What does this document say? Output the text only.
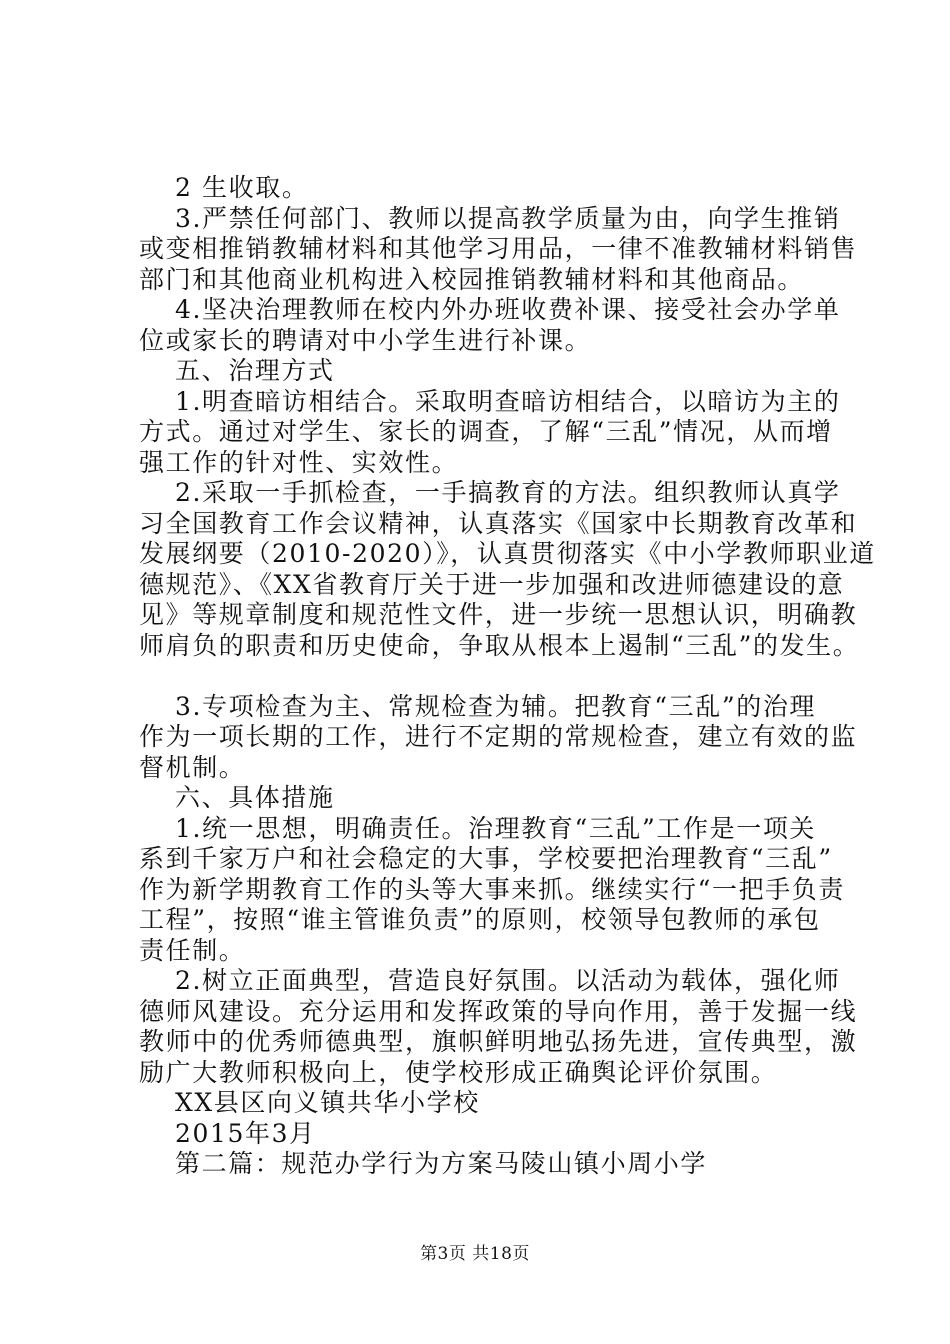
2 生收取。
3.严禁任何部门、教师以提高教学质量为由，向学生推销
或变相推销教辅材料和其他学习用品，一律不准教辅材料销售
部门和其他商业机构进入校园推销教辅材料和其他商品。
4.坚决治理教师在校内外办班收费补课、接受社会办学单
位或家长的聘请对中小学生进行补课。
五、治理方式
1.明查暗访相结合。采取明查暗访相结合，以暗访为主的
方式。通过对学生、家长的调查，了解“三乱”情况，从而增
强工作的针对性、实效性。
2.采取一手抓检查，一手搞教育的方法。组织教师认真学
习全国教育工作会议精神，认真落实《国家中长期教育改革和
发展纲要（2010-2020）》，认真贯彻落实《中小学教师职业道
德规范》、《XX省教育厅关于进一步加强和改进师德建设的意
见》等规章制度和规范性文件，进一步统一思想认识，明确教
师肩负的职责和历史使命，争取从根本上遏制“三乱”的发生。
3.专项检查为主、常规检查为辅。把教育“三乱”的治理
作为一项长期的工作，进行不定期的常规检查，建立有效的监
督机制。
六、具体措施
1.统一思想，明确责任。治理教育“三乱”工作是一项关
系到千家万户和社会稳定的大事，学校要把治理教育“三乱”
作为新学期教育工作的头等大事来抓。继续实行“一把手负责
工程”，按照“谁主管谁负责”的原则，校领导包教师的承包
责任制。
2.树立正面典型，营造良好氛围。以活动为载体，强化师
德师风建设。充分运用和发挥政策的导向作用，善于发掘一线
教师中的优秀师德典型，旗帜鲜明地弘扬先进，宣传典型，激
励广大教师积极向上，使学校形成正确舆论评价氛围。
XX县区向义镇共华小学校
2015年3月
第二篇：规范办学行为方案马陵山镇小周小学
第3页 共18页
